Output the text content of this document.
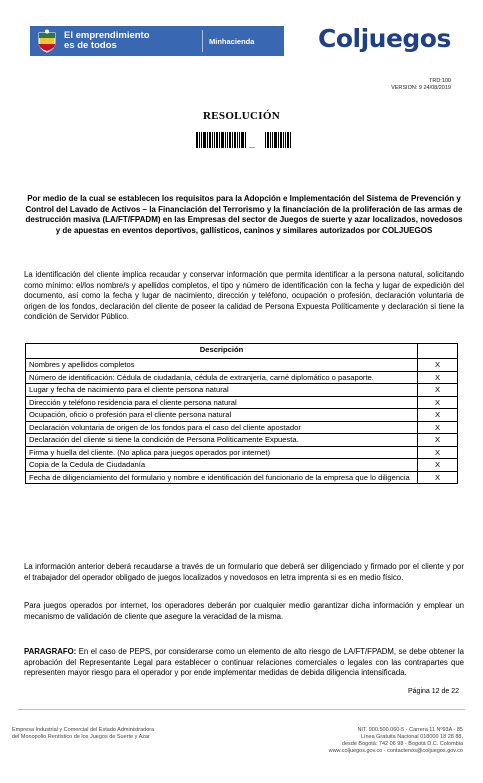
El emprendimiento
es de todos	Minhacienda	Coljuegos
TRD:100
VERSION: 9 24/08/2019
RESOLUCIÓN
_
Por medio de la cual se establecen los requisitos para la Adopción e Implementación del Sistema de Prevención y Control del Lavado de Activos – la Financiación del Terrorismo y la financiación de la proliferación de las armas de destrucción masiva (LA/FT/FPADM) en las Empresas del sector de Juegos de suerte y azar localizados, novedosos y de apuestas en eventos deportivos, gallísticos, caninos y similares autorizados por COLJUEGOS
La identificación del cliente implica recaudar y conservar información que permita identificar a la persona natural, solicitando como mínimo: el/los nombre/s y apellidos completos, el tipo y número de identificación con la fecha y lugar de expedición del documento, así como la fecha y lugar de nacimiento, dirección y teléfono, ocupación o profesión, declaración voluntaria de origen de los fondos, declaración del cliente de poseer la calidad de Persona Expuesta Políticamente y declaración si tiene la condición de Servidor Público.
Descripción	
Nombres y apellidos completos	X
Número de identificación: Cédula de ciudadanía, cédula de extranjería, carné diplomático o pasaporte.	X
Lugar y fecha de nacimiento para el cliente persona natural	X
Dirección y teléfono residencia para el cliente persona natural	X
Ocupación, oficio o profesión para el cliente persona natural	X
Declaración voluntaria de origen de los fondos para el caso del cliente apostador	X
Declaración del cliente si tiene la condición de Persona Políticamente Expuesta.	X
Firma y huella del cliente. (No aplica para juegos operados por internet)	X
Copia de la Cedula de Ciudadanía	X
Fecha de diligenciamiento del formulario y nombre e identificación del funcionario de la empresa que lo diligencia	X
La información anterior deberá recaudarse a través de un formulario que deberá ser diligenciado y firmado por el cliente y por el trabajador del operador obligado de juegos localizados y novedosos en letra imprenta si es en medio físico.
Para juegos operados por internet, los operadores deberán por cualquier medio garantizar dicha información y emplear un mecanismo de validación de cliente que asegure la veracidad de la misma.
PARAGRAFO: En el caso de PEPS, por considerarse como un elemento de alto riesgo de LA/FT/FPADM, se debe obtener la aprobación del Representante Legal para establecer o continuar relaciones comerciales o legales con las contrapartes que representen mayor riesgo para el operador y por ende implementar medidas de debida diligencia intensificada.
Página 12 de 22
Empresa Industrial y Comercial del Estado Administradora
del Monopolio Rentístico de los Juegos de Suerte y Azar
NIT. 900.500.060-5 - Carrera 11 Nº93A - 85
Línea Gratuita Nacional 018000 18 28 88,
desde Bogotá: 742 06 98 - Bogotá D.C. Colombia
www.coljuegos.gov.co - contactenos@coljuegos.gov.co
